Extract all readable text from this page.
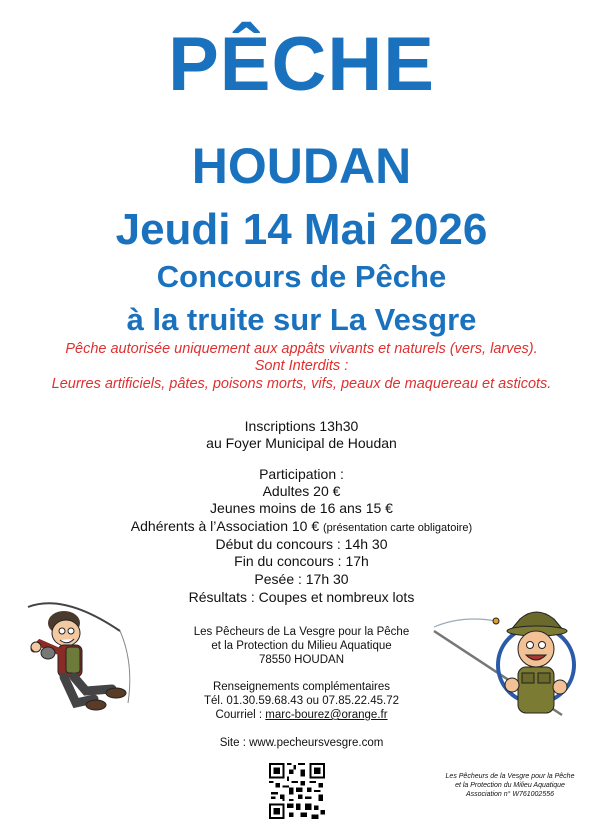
PÊCHE
HOUDAN
Jeudi 14 Mai 2026
Concours de Pêche
à la truite sur La Vesgre
Pêche autorisée uniquement aux appâts vivants et naturels (vers, larves).
Sont Interdits :
Leurres artificiels, pâtes, poisons morts, vifs, peaux de maquereau et asticots.
Inscriptions 13h30
au Foyer Municipal de Houdan
Participation :
Adultes 20 €
Jeunes moins de 16 ans 15 €
Adhérents à l’Association 10 € (présentation carte obligatoire)
Début du concours : 14h 30
Fin du concours : 17h
Pesée : 17h 30
Résultats : Coupes et nombreux lots
Les Pêcheurs de La Vesgre pour la Pêche
et la Protection du Milieu Aquatique
78550 HOUDAN
Renseignements complémentaires
Tél. 01.30.59.68.43 ou 07.85.22.45.72
Courriel : marc-bourez@orange.fr
Site : www.pecheursvesgre.com
Les Pêcheurs de la Vesgre pour la Pêche
et la Protection du Milieu Aquatique
Association n° W761002556
